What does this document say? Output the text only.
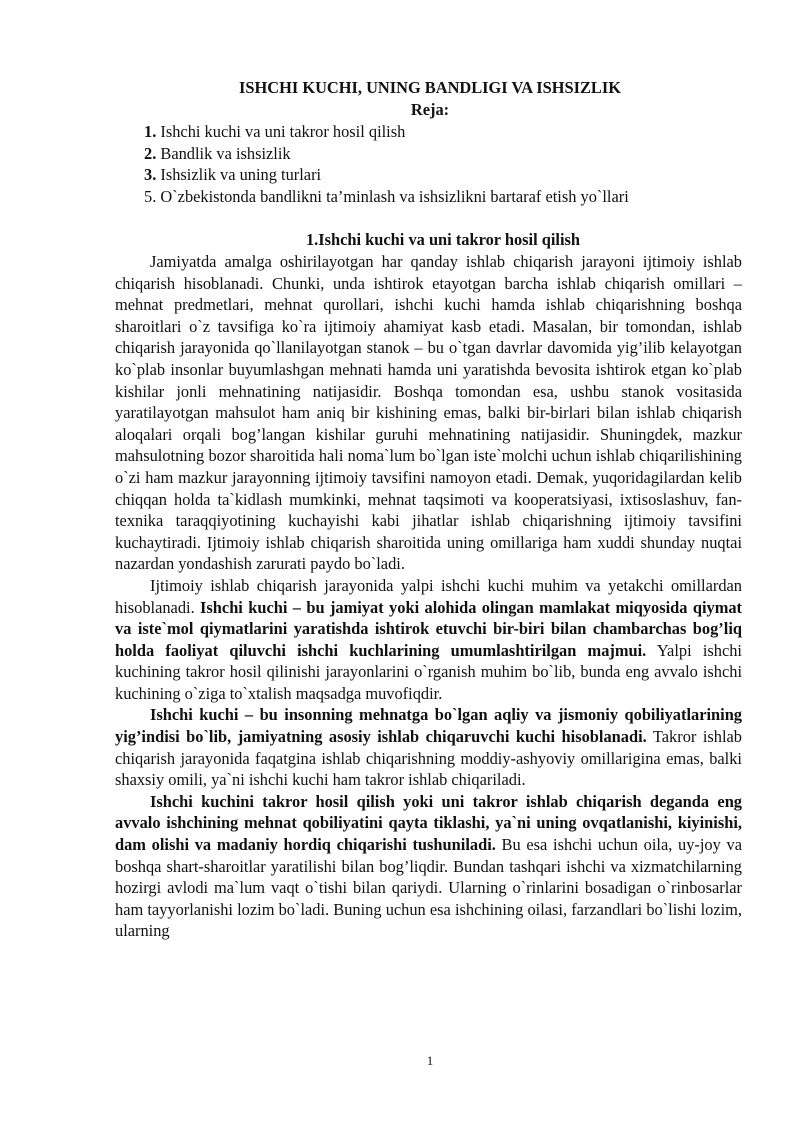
ISHCHI KUCHI, UNING BANDLIGI VA ISHSIZLIK
Reja:
1. Ishchi kuchi va uni takror hosil qilish
2. Bandlik va ishsizlik
3. Ishsizlik va uning turlari
5. O`zbekistonda bandlikni ta’minlash va ishsizlikni bartaraf etish yo`llari
1.Ishchi kuchi va uni takror hosil qilish

Jamiyatda amalga oshirilayotgan har qanday ishlab chiqarish jarayoni ijtimoiy ishlab chiqarish hisoblanadi. Chunki, unda ishtirok etayotgan barcha ishlab chiqarish omillari – mehnat predmetlari, mehnat qurollari, ishchi kuchi hamda ishlab chiqarishning boshqa sharoitlari o`z tavsifiga ko`ra ijtimoiy ahamiyat kasb etadi. Masalan, bir tomondan, ishlab chiqarish jarayonida qo`llanilayotgan stanok – bu o`tgan davrlar davomida yig’ilib kelayotgan ko`plab insonlar buyumlashgan mehnati hamda uni yaratishda bevosita ishtirok etgan ko`plab kishilar jonli mehnatining natijasidir. Boshqa tomondan esa, ushbu stanok vositasida yaratilayotgan mahsulot ham aniq bir kishining emas, balki bir-birlari bilan ishlab chiqarish aloqalari orqali bog’langan kishilar guruhi mehnatining natijasidir. Shuningdek, mazkur mahsulotning bozor sharoitida hali noma`lum bo`lgan iste`molchi uchun ishlab chiqarilishining o`zi ham mazkur jarayonning ijtimoiy tavsifini namoyon etadi. Demak, yuqoridagilardan kelib chiqqan holda ta`kidlash mumkinki, mehnat taqsimoti va kooperatsiyasi, ixtisoslashuv, fan-texnika taraqqiyotining kuchayishi kabi jihatlar ishlab chiqarishning ijtimoiy tavsifini kuchaytiradi. Ijtimoiy ishlab chiqarish sharoitida uning omillariga ham xuddi shunday nuqtai nazardan yondashish zarurati paydo bo`ladi.

Ijtimoiy ishlab chiqarish jarayonida yalpi ishchi kuchi muhim va yetakchi omillardan hisoblanadi. Ishchi kuchi – bu jamiyat yoki alohida olingan mamlakat miqyosida qiymat va iste`mol qiymatlarini yaratishda ishtirok etuvchi bir-biri bilan chambarchas bog’liq holda faoliyat qiluvchi ishchi kuchlarining umumlashtirilgan majmui. Yalpi ishchi kuchining takror hosil qilinishi jarayonlarini o`rganish muhim bo`lib, bunda eng avvalo ishchi kuchining o`ziga to`xtalish maqsadga muvofiqdir.

Ishchi kuchi – bu insonning mehnatga bo`lgan aqliy va jismoniy qobiliyatlarining yig’indisi bo`lib, jamiyatning asosiy ishlab chiqaruvchi kuchi hisoblanadi. Takror ishlab chiqarish jarayonida faqatgina ishlab chiqarishning moddiy-ashyoviy omillarigina emas, balki shaxsiy omili, ya`ni ishchi kuchi ham takror ishlab chiqariladi.

Ishchi kuchini takror hosil qilish yoki uni takror ishlab chiqarish deganda eng avvalo ishchining mehnat qobiliyatini qayta tiklashi, ya`ni uning ovqatlanishi, kiyinishi, dam olishi va madaniy hordiq chiqarishi tushuniladi. Bu esa ishchi uchun oila, uy-joy va boshqa shart-sharoitlar yaratilishi bilan bog’liqdir. Bundan tashqari ishchi va xizmatchilarning hozirgi avlodi ma`lum vaqt o`tishi bilan qariydi. Ularning o`rinlarini bosadigan o`rinbosarlar ham tayyorlanishi lozim bo`ladi. Buning uchun esa ishchining oilasi, farzandlari bo`lishi lozim, ularning

1
